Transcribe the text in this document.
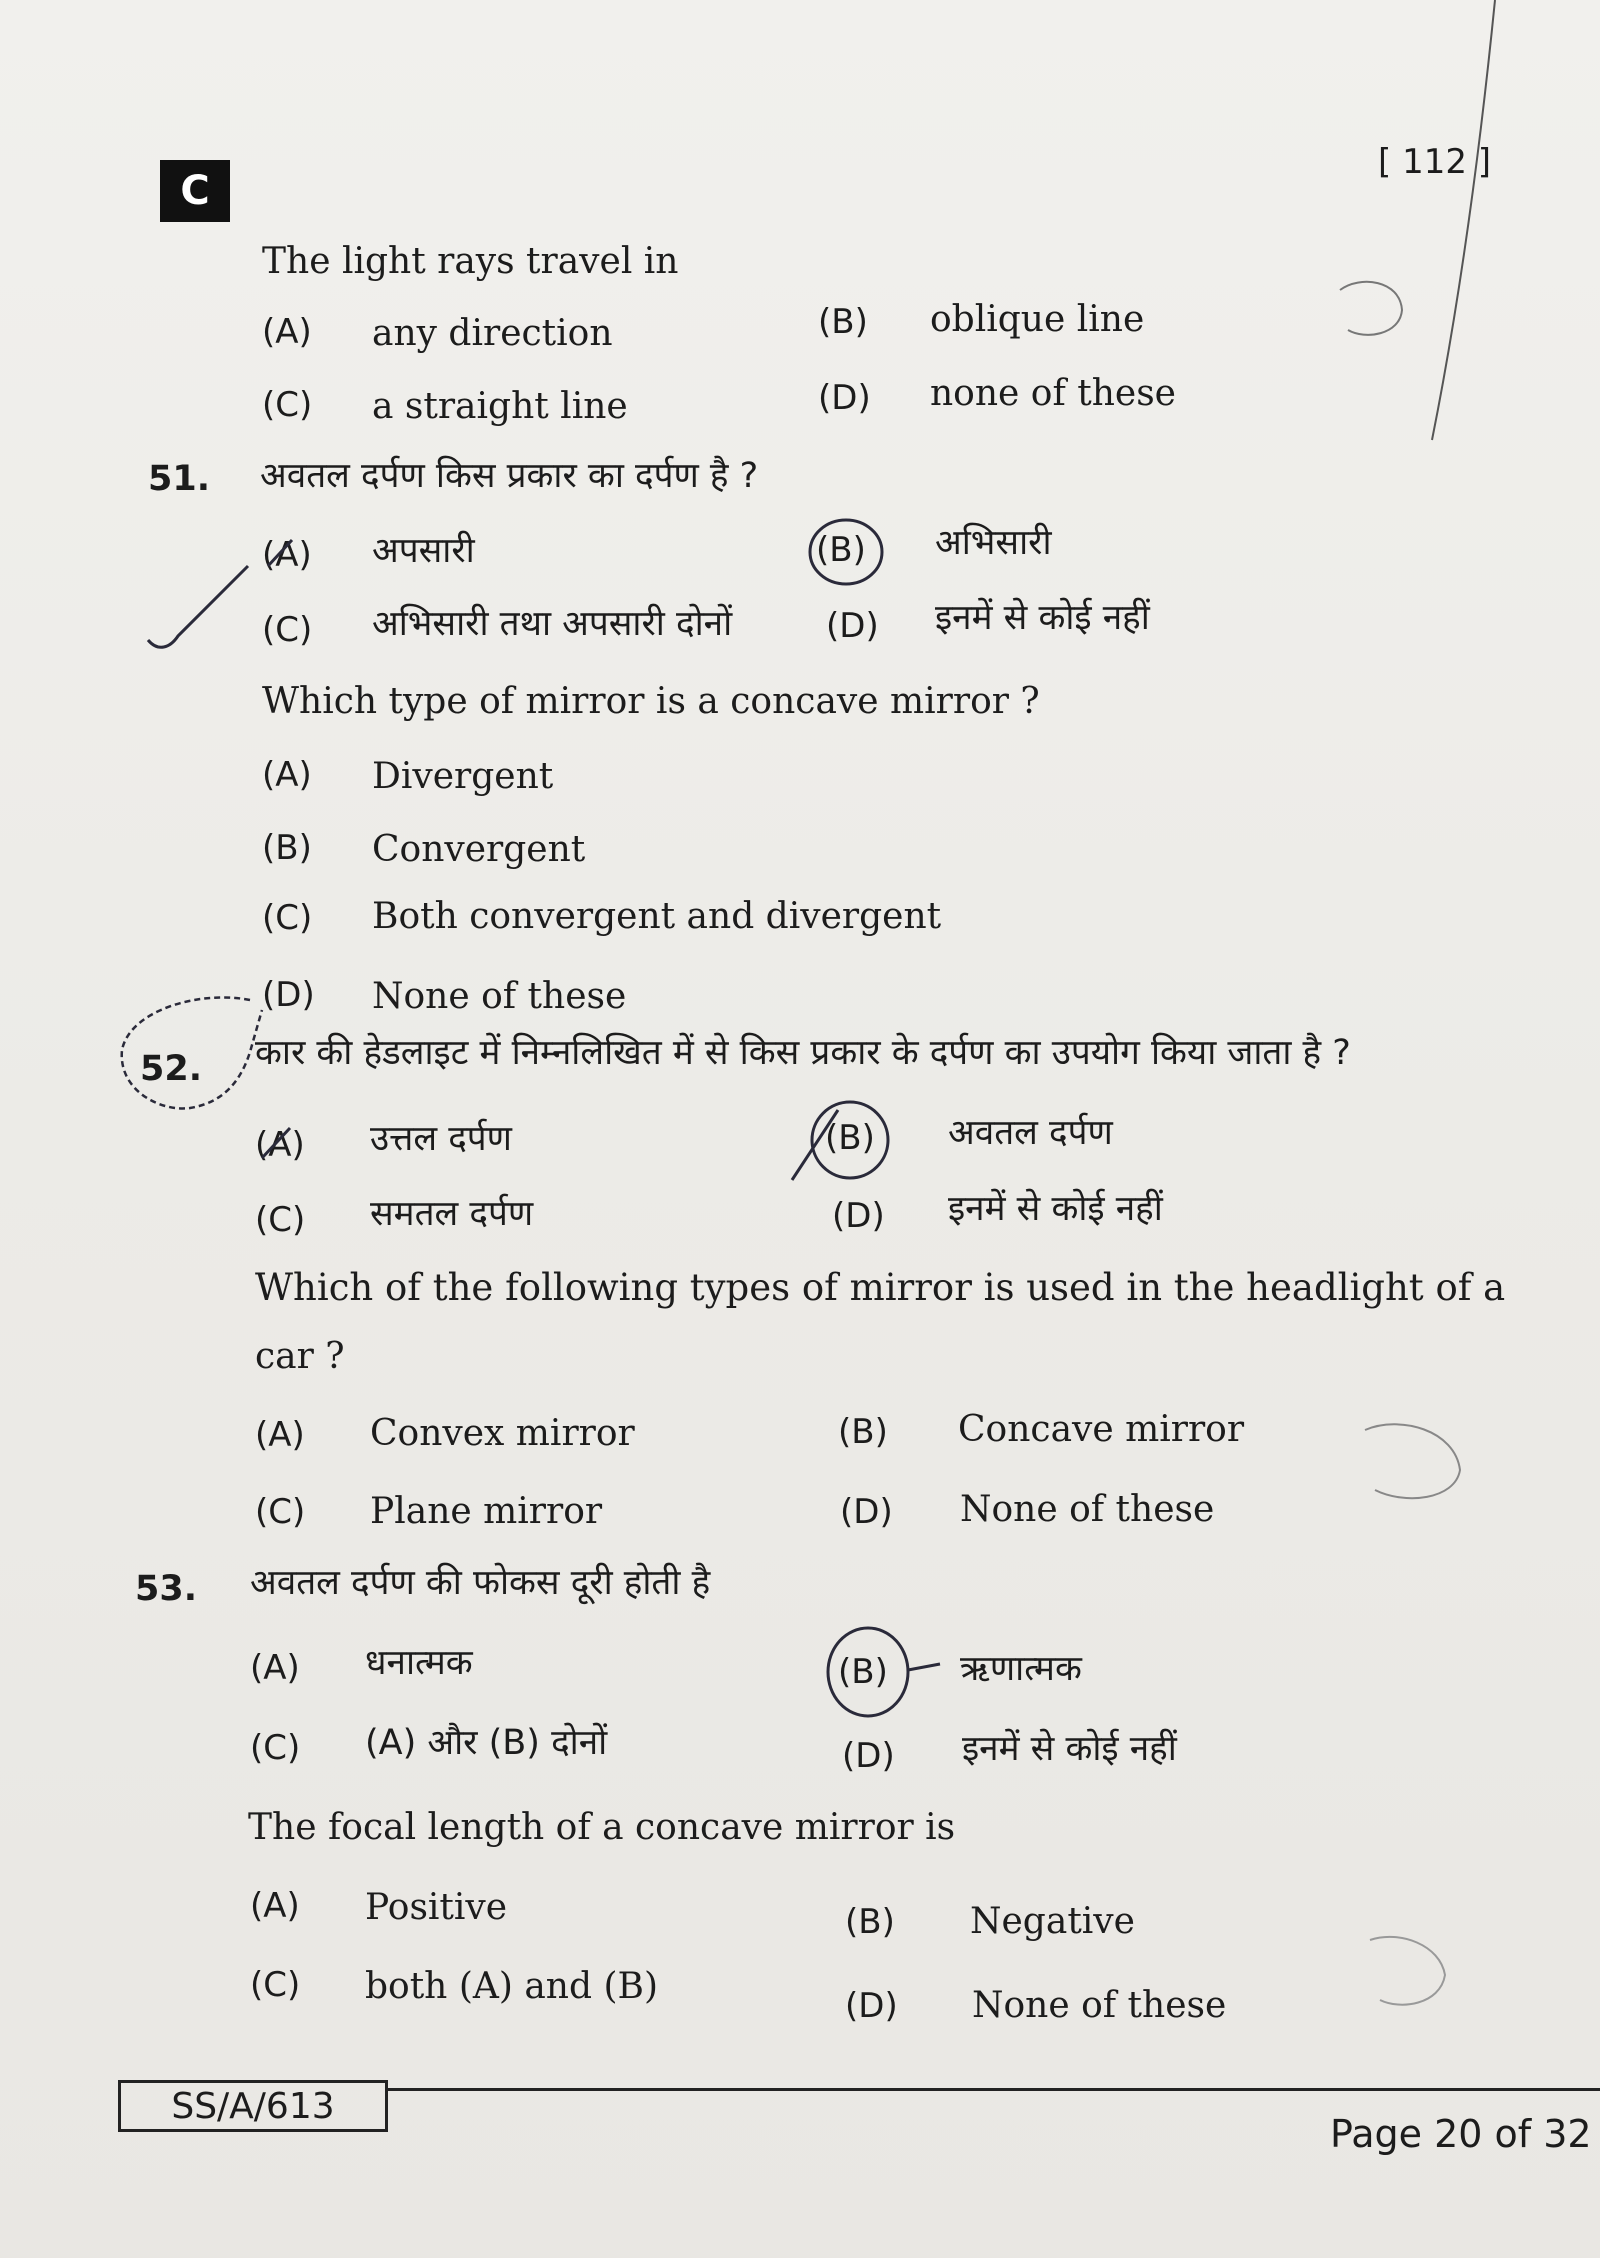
C
[ 112 ]
The light rays travel in
(A) any direction	(B) oblique line
(C) a straight line	(D) none of these
51. अवतल दर्पण किस प्रकार का दर्पण है ?
(A) अपसारी	(B) अभिसारी
(C) अभिसारी तथा अपसारी दोनों	(D) इनमें से कोई नहीं
Which type of mirror is a concave mirror ?
(A) Divergent
(B) Convergent
(C) Both convergent and divergent
(D) None of these
52. कार की हेडलाइट में निम्नलिखित में से किस प्रकार के दर्पण का उपयोग किया जाता है ?
(A) उत्तल दर्पण	(B) अवतल दर्पण
(C) समतल दर्पण	(D) इनमें से कोई नहीं
Which of the following types of mirror is used in the headlight of a
car ?
(A) Convex mirror	(B) Concave mirror
(C) Plane mirror	(D) None of these
53. अवतल दर्पण की फोकस दूरी होती है
(A) धनात्मक	(B) ऋणात्मक
(C) (A) और (B) दोनों	(D) इनमें से कोई नहीं
The focal length of a concave mirror is
(A) Positive	(B) Negative
(C) both (A) and (B)	(D) None of these
SS/A/613
Page 20 of 32
